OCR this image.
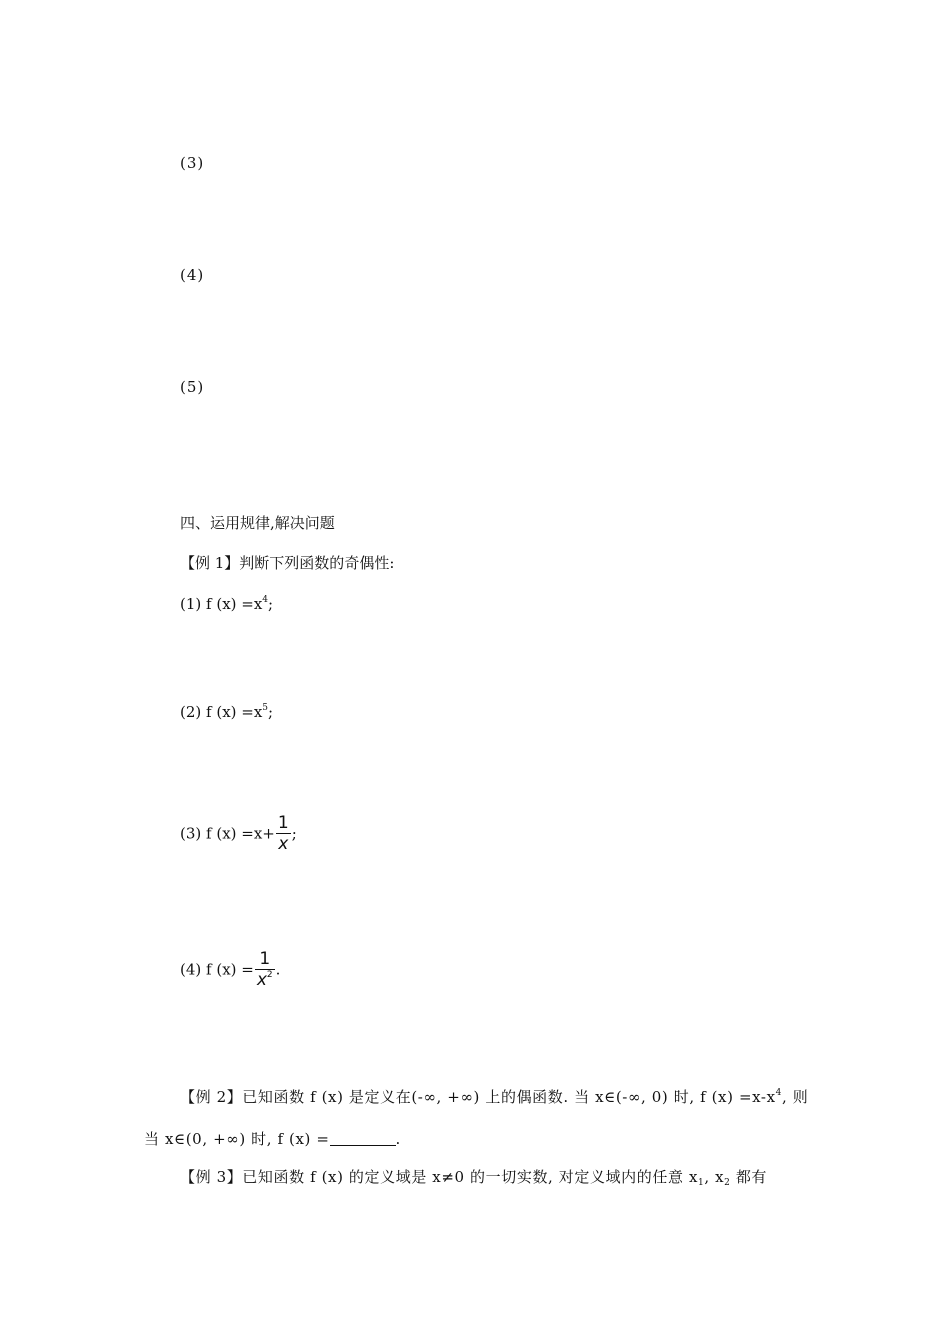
(3)
(4)
(5)
四、运用规律,解决问题
【例 1】判断下列函数的奇偶性:
(1) f $(x) =x^4$;
(2) f $(x) =x^5$;
(3) f $(x) =x+ \frac{1}{x}$ ;
(4) f $(x) = \frac{1}{x^2}$ .
【例 2】已知函数 f (x) 是定义在(-∞, +∞) 上的偶函数. 当 x∈(-∞, 0) 时, f $(x) =x-x^4$, 则
当 x∈(0, +∞) 时, f (x) =	.
【例 3】已知函数 f (x) 的定义域是 x≠0 的一切实数, 对定义域内的任意 $x_1$, $x_2$ 都有
